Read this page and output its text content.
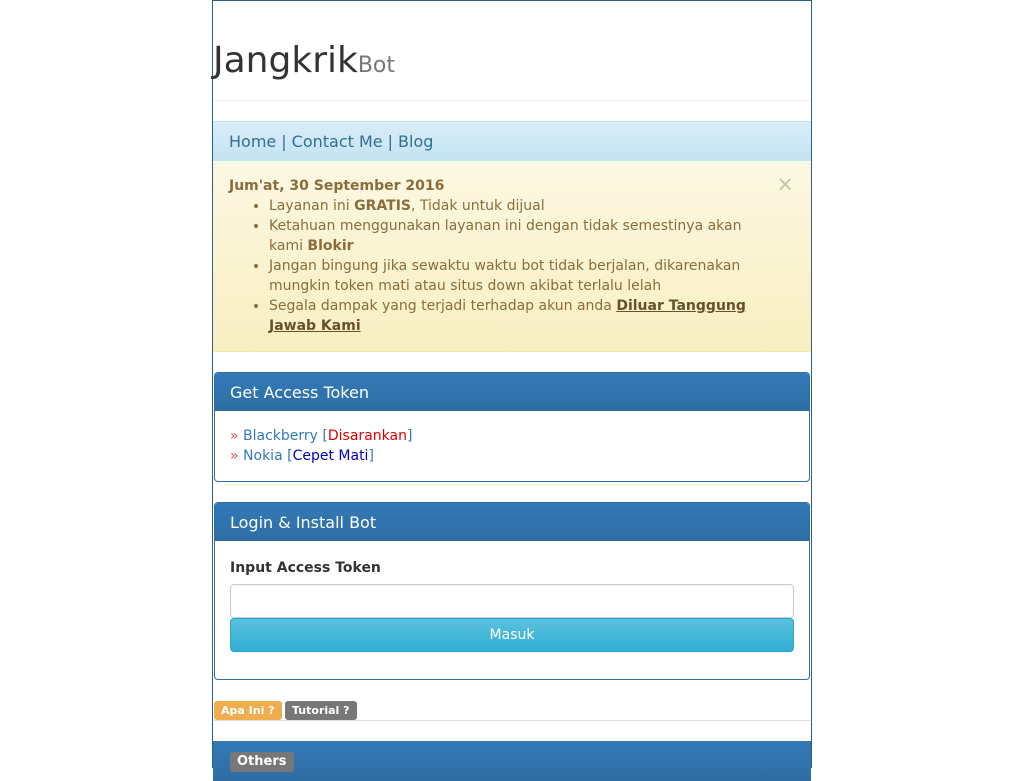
JangkrikBot
Home | Contact Me | Blog
×
Jum'at, 30 September 2016
• Layanan ini GRATIS, Tidak untuk dijual
• Ketahuan menggunakan layanan ini dengan tidak semestinya akan kami Blokir
• Jangan bingung jika sewaktu waktu bot tidak berjalan, dikarenakan mungkin token mati atau situs down akibat terlalu lelah
• Segala dampak yang terjadi terhadap akun anda Diluar Tanggung Jawab Kami
Get Access Token
» Blackberry [Disarankan]
» Nokia [Cepet Mati]
Login & Install Bot
Input Access Token
Masuk
Apa Ini ?	Tutorial ?
Others
